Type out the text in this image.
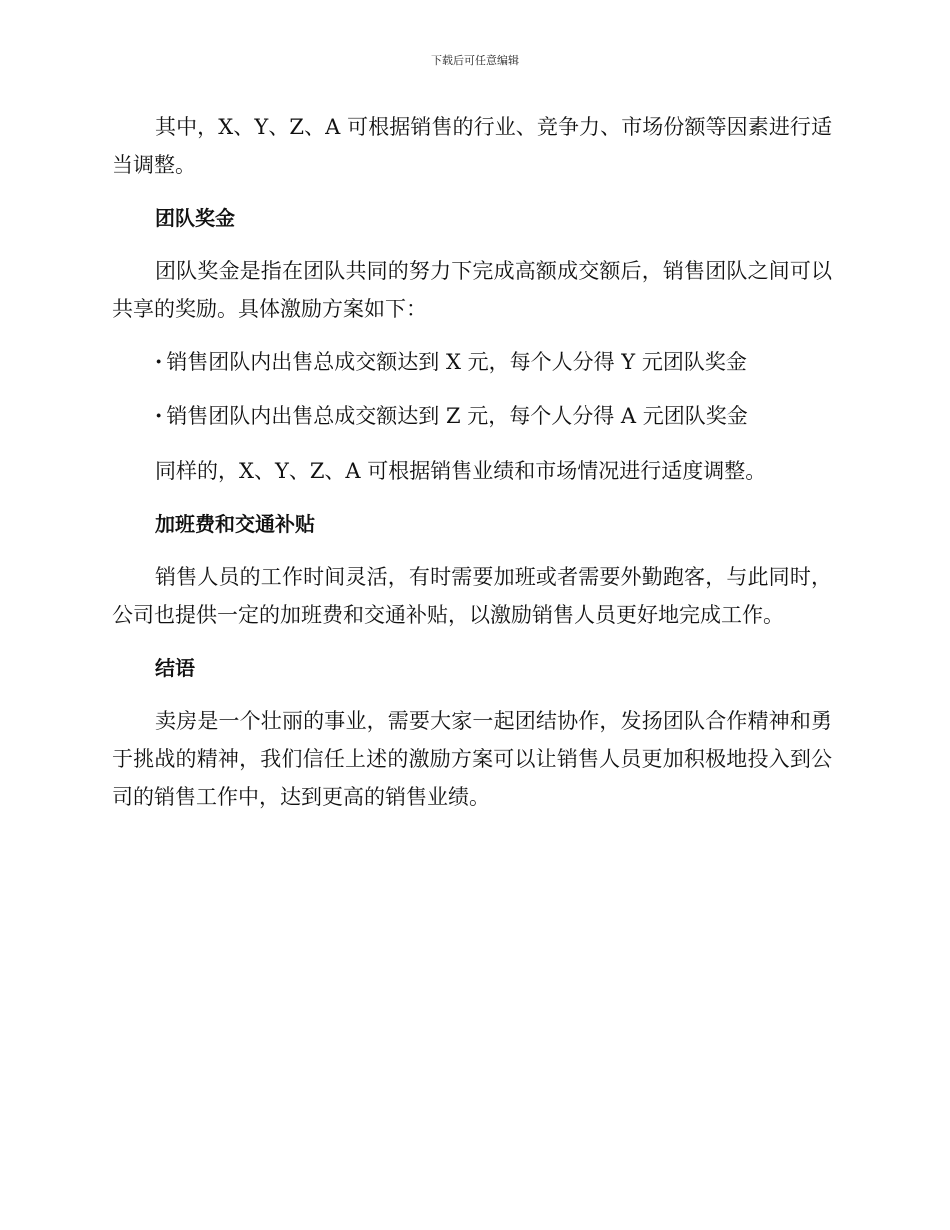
下载后可任意编辑

其中，X、Y、Z、A 可根据销售的行业、竞争力、市场份额等因素进行适当调整。

团队奖金

团队奖金是指在团队共同的努力下完成高额成交额后，销售团队之间可以共享的奖励。具体激励方案如下：

· 销售团队内出售总成交额达到 X 元，每个人分得 Y 元团队奖金
· 销售团队内出售总成交额达到 Z 元，每个人分得 A 元团队奖金

同样的，X、Y、Z、A 可根据销售业绩和市场情况进行适度调整。

加班费和交通补贴

销售人员的工作时间灵活，有时需要加班或者需要外勤跑客，与此同时，公司也提供一定的加班费和交通补贴，以激励销售人员更好地完成工作。

结语

卖房是一个壮丽的事业，需要大家一起团结协作，发扬团队合作精神和勇于挑战的精神，我们信任上述的激励方案可以让销售人员更加积极地投入到公司的销售工作中，达到更高的销售业绩。
